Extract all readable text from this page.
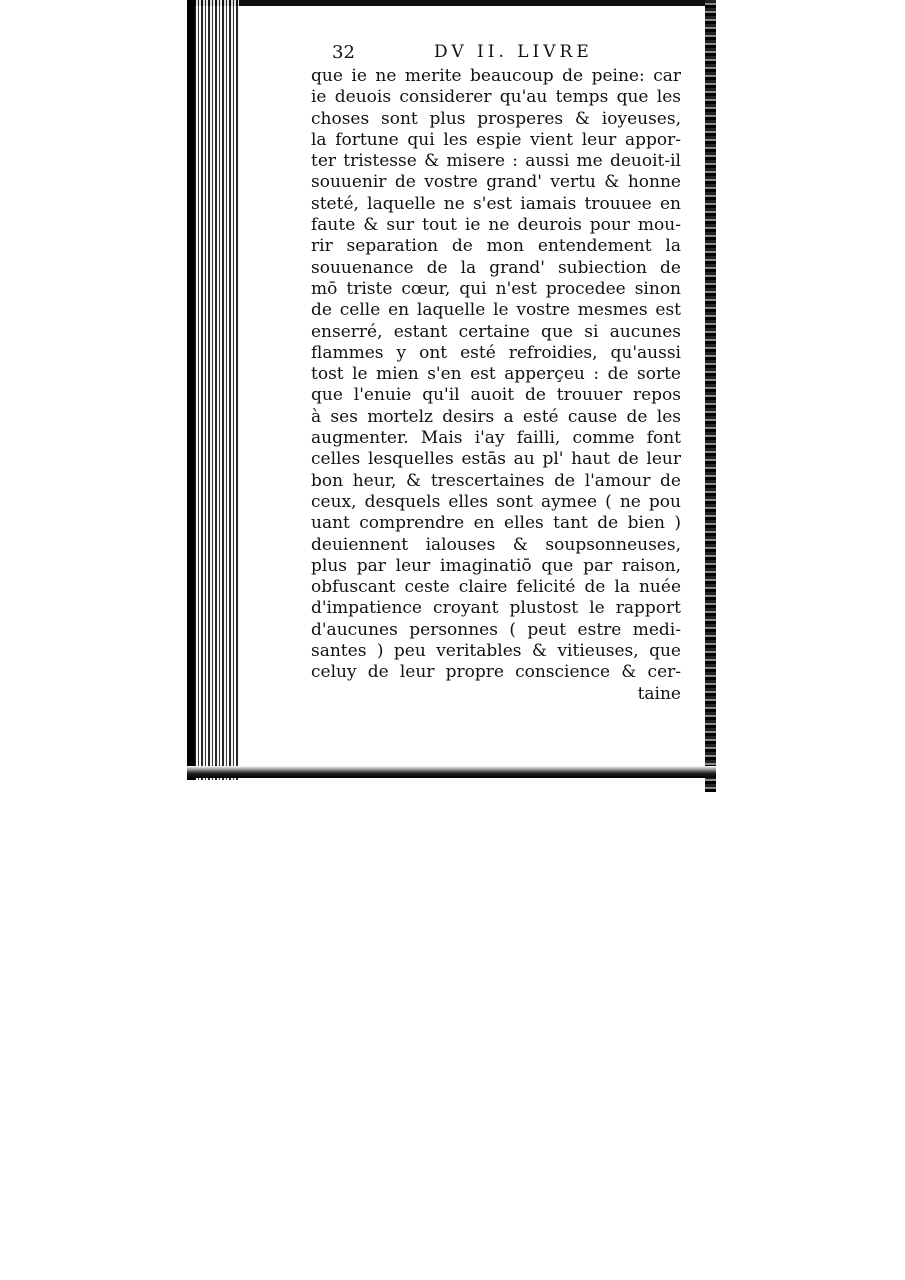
32	DV II. LIVRE
que ie ne merite beaucoup de peine: car
ie deuois considerer qu'au temps que les
choses sont plus prosperes & ioyeuses,
la fortune qui les espie vient leur appor-
ter tristesse & misere : aussi me deuoit-il
souuenir de vostre grand' vertu & honne
steté, laquelle ne s'est iamais trouuee en
faute & sur tout ie ne deurois pour mou-
rir separation de mon entendement la
souuenance de la grand' subiection de
mō triste cœur, qui n'est procedee sinon
de celle en laquelle le vostre mesmes est
enserré, estant certaine que si aucunes
flammes y ont esté refroidies, qu'aussi
tost le mien s'en est apperçeu : de sorte
que l'enuie qu'il auoit de trouuer repos
à ses mortelz desirs a esté cause de les
augmenter. Mais i'ay failli, comme font
celles lesquelles estās au pl' haut de leur
bon heur, & trescertaines de l'amour de
ceux, desquels elles sont aymee ( ne pou
uant comprendre en elles tant de bien )
deuiennent ialouses & soupsonneuses,
plus par leur imaginatiō que par raison,
obfuscant ceste claire felicité de la nuée
d'impatience croyant plustost le rapport
d'aucunes personnes ( peut estre medi-
santes ) peu veritables & vitieuses, que
celuy de leur propre conscience & cer-
taine
